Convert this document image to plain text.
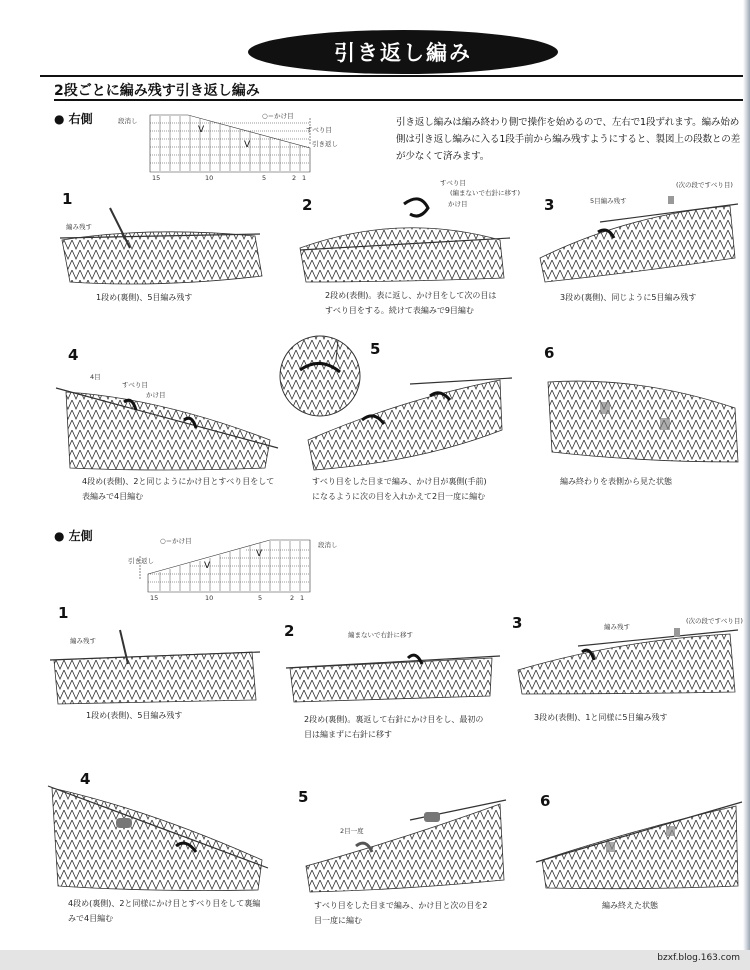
引き返し編み
2段ごとに編み残す引き返し編み
● 右側	段消し
○＝かけ目
すべり目
引き返し
V
V
15	10	5	2 1
引き返し編みは編み終わり側で操作を始めるので、左右で1段ずれます。編み始め側は引き返し編みに入る1段手前から編み残すようにすると、製図上の段数との差が少なくて済みます。
1
編み残す
1段め(裏側)、5目編み残す
2
すべり目
(編まないで右針に移す)
かけ目
2段め(表側)。表に返し、かけ目をして次の目はすべり目をする。続けて表編みで9目編む
3	5目編み残す
(次の段ですべり目)
3段め(裏側)、同じように5目編み残す
4
4目
すべり目
かけ目
4段め(表側)、2と同じようにかけ目とすべり目をして表編みで4目編む
5
すべり目をした目まで編み、かけ目が裏側(手前)になるように次の目を入れかえて2目一度に編む
6
編み終わりを表側から見た状態
● 左側	○＝かけ目
引き返し
段消し
V
V
15	10	5	2 1
1
編み残す
1段め(表側)、5目編み残す
2	編まないで右針に移す
2段め(裏側)。裏返して右針にかけ目をし、最初の目は編まずに右針に移す
3	編み残す
(次の段ですべり目)
3段め(表側)、1と同様に5目編み残す
4
4段め(裏側)、2と同様にかけ目とすべり目をして裏編みで4目編む
5
2目一度
すべり目をした目まで編み、かけ目と次の目を2目一度に編む
6
編み終えた状態
bzxf.blog.163.com
